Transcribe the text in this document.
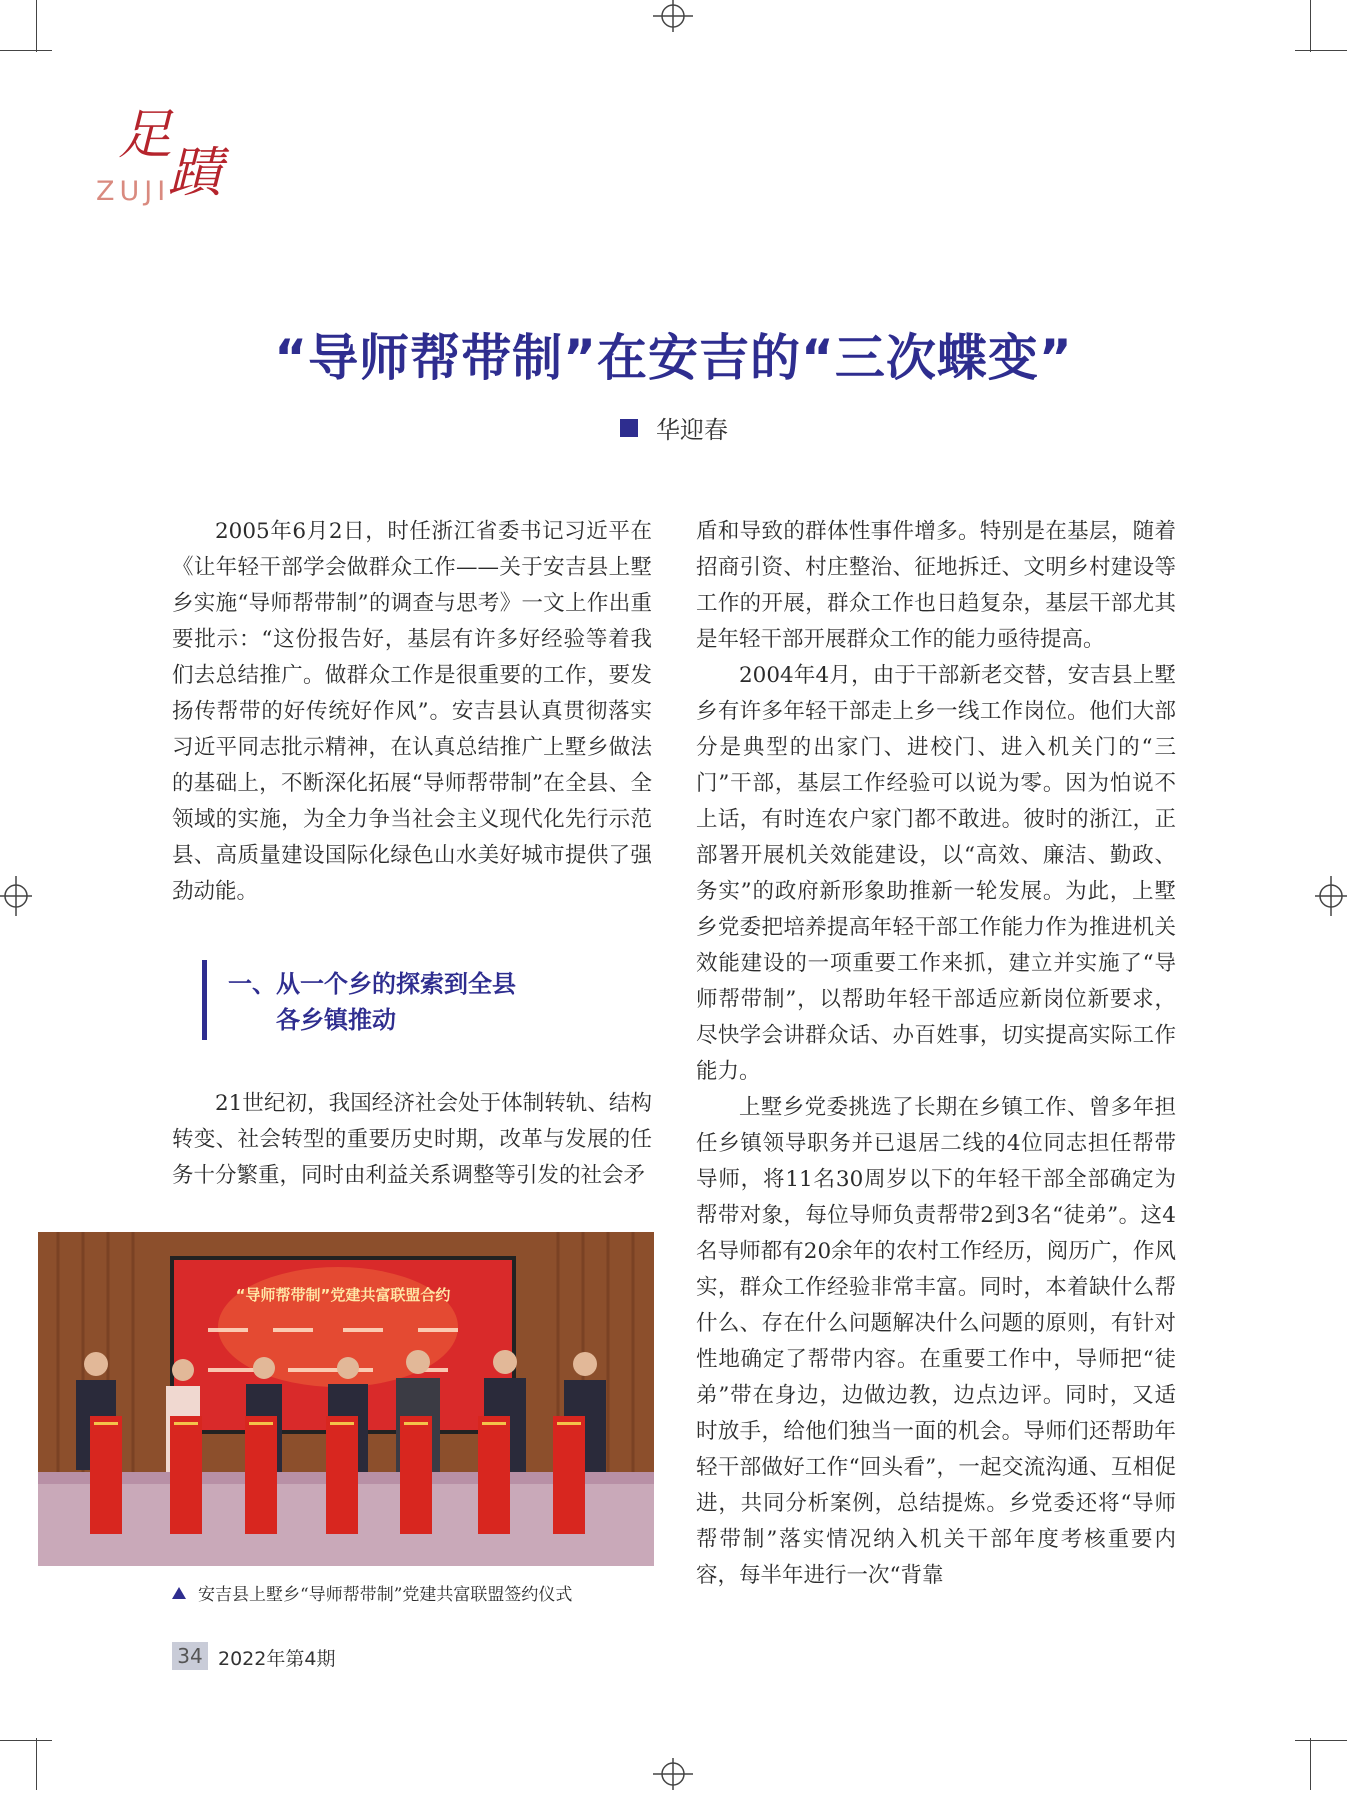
足
蹟
ZUJI
“导师帮带制”在安吉的“三次蝶变”
华迎春

2005年6月2日，时任浙江省委书记习近平在《让年轻干部学会做群众工作——关于安吉县上墅乡实施“导师帮带制”的调查与思考》一文上作出重要批示：“这份报告好，基层有许多好经验等着我们去总结推广。做群众工作是很重要的工作，要发扬传帮带的好传统好作风”。安吉县认真贯彻落实习近平同志批示精神，在认真总结推广上墅乡做法的基础上，不断深化拓展“导师帮带制”在全县、全领域的实施，为全力争当社会主义现代化先行示范县、高质量建设国际化绿色山水美好城市提供了强劲动能。

一、从一个乡的探索到全县
各乡镇推动

21世纪初，我国经济社会处于体制转轨、结构转变、社会转型的重要历史时期，改革与发展的任务十分繁重，同时由利益关系调整等引发的社会矛

盾和导致的群体性事件增多。特别是在基层，随着招商引资、村庄整治、征地拆迁、文明乡村建设等工作的开展，群众工作也日趋复杂，基层干部尤其是年轻干部开展群众工作的能力亟待提高。

2004年4月，由于干部新老交替，安吉县上墅乡有许多年轻干部走上乡一线工作岗位。他们大部分是典型的出家门、进校门、进入机关门的“三门”干部，基层工作经验可以说为零。因为怕说不上话，有时连农户家门都不敢进。彼时的浙江，正部署开展机关效能建设，以“高效、廉洁、勤政、务实”的政府新形象助推新一轮发展。为此，上墅乡党委把培养提高年轻干部工作能力作为推进机关效能建设的一项重要工作来抓，建立并实施了“导师帮带制”，以帮助年轻干部适应新岗位新要求，尽快学会讲群众话、办百姓事，切实提高实际工作能力。

上墅乡党委挑选了长期在乡镇工作、曾多年担任乡镇领导职务并已退居二线的4位同志担任帮带导师，将11名30周岁以下的年轻干部全部确定为帮带对象，每位导师负责帮带2到3名“徒弟”。这4名导师都有20余年的农村工作经历，阅历广，作风实，群众工作经验非常丰富。同时，本着缺什么帮什么、存在什么问题解决什么问题的原则，有针对性地确定了帮带内容。在重要工作中，导师把“徒弟”带在身边，边做边教，边点边评。同时，又适时放手，给他们独当一面的机会。导师们还帮助年轻干部做好工作“回头看”，一起交流沟通、互相促进，共同分析案例，总结提炼。乡党委还将“导师帮带制”落实情况纳入机关干部年度考核重要内容，每半年进行一次“背靠

“导师帮带制”党建共富联盟合约
安吉县上墅乡“导师帮带制”党建共富联盟签约仪式
34 2022年第4期
